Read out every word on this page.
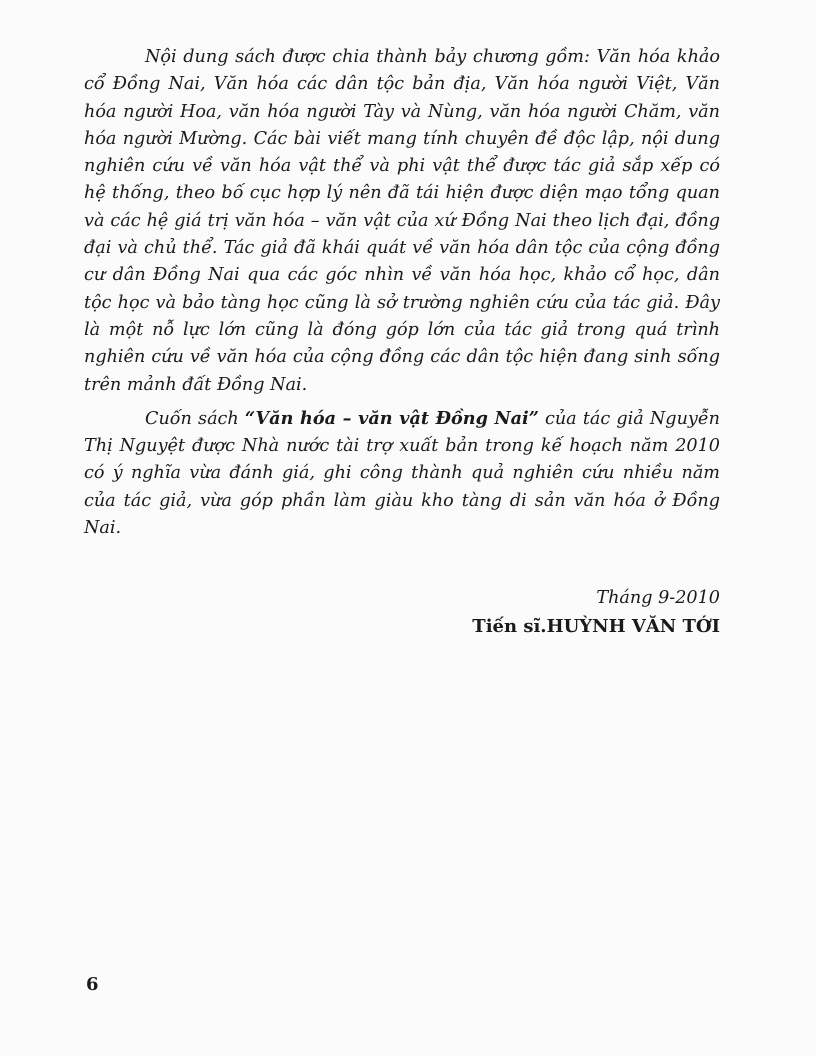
Nội dung sách được chia thành bảy chương gồm: Văn hóa khảo cổ Đồng Nai, Văn hóa các dân tộc bản địa, Văn hóa người Việt, Văn hóa người Hoa, văn hóa người Tày và Nùng, văn hóa người Chăm, văn hóa người Mường. Các bài viết mang tính chuyên đề độc lập, nội dung nghiên cứu về văn hóa vật thể và phi vật thể được tác giả sắp xếp có hệ thống, theo bố cục hợp lý nên đã tái hiện được diện mạo tổng quan và các hệ giá trị văn hóa – văn vật của xứ Đồng Nai theo lịch đại, đồng đại và chủ thể. Tác giả đã khái quát về văn hóa dân tộc của cộng đồng cư dân Đồng Nai qua các góc nhìn về văn hóa học, khảo cổ học, dân tộc học và bảo tàng học cũng là sở trường nghiên cứu của tác giả. Đây là một nỗ lực lớn cũng là đóng góp lớn của tác giả trong quá trình nghiên cứu về văn hóa của cộng đồng các dân tộc hiện đang sinh sống trên mảnh đất Đồng Nai.

Cuốn sách “Văn hóa – văn vật Đồng Nai” của tác giả Nguyễn Thị Nguyệt được Nhà nước tài trợ xuất bản trong kế hoạch năm 2010 có ý nghĩa vừa đánh giá, ghi công thành quả nghiên cứu nhiều năm của tác giả, vừa góp phần làm giàu kho tàng di sản văn hóa ở Đồng Nai.

Tháng 9-2010
Tiến sĩ.HUỲNH VĂN TỚI
6
